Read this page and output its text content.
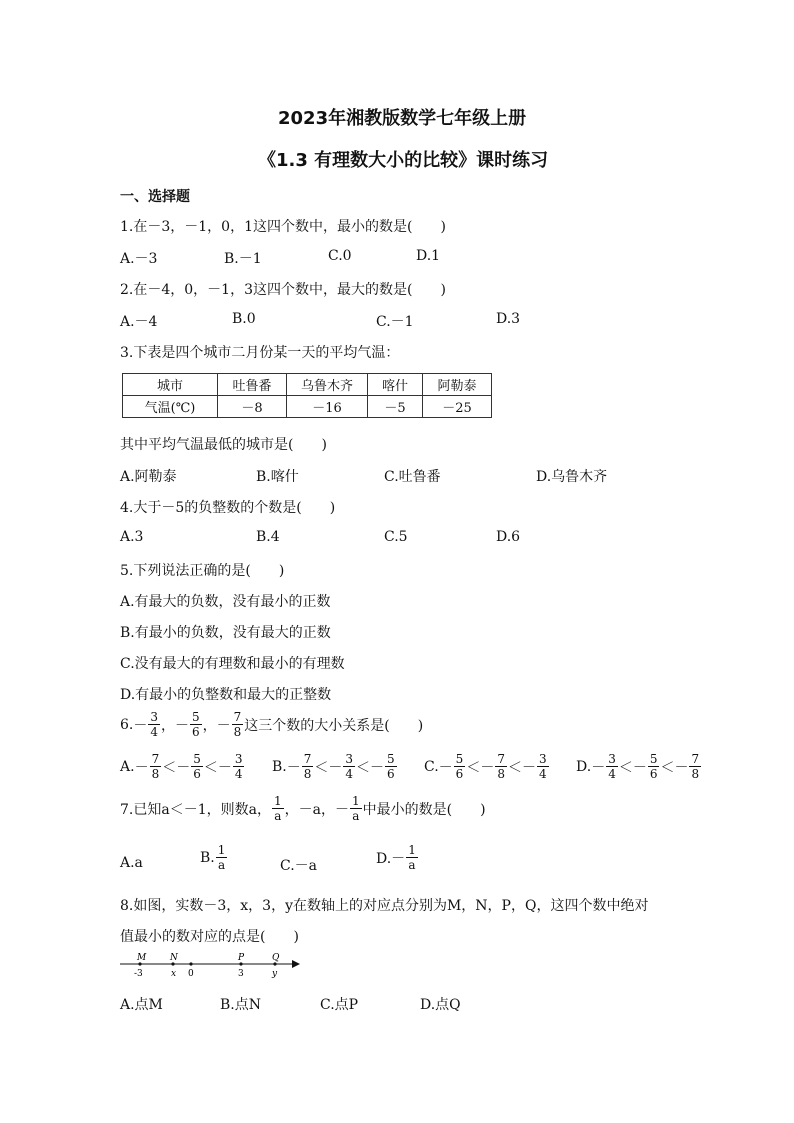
2023年湘教版数学七年级上册
《1.3 有理数大小的比较》课时练习
一、选择题
1.在－3，－1，0，1这四个数中，最小的数是(　　)
A.－3	B.－1	C.0	D.1
2.在－4，0，－1，3这四个数中，最大的数是(　　)
A.－4	B.0	C.－1	D.3
3.下表是四个城市二月份某一天的平均气温：
城市	吐鲁番	乌鲁木齐	喀什	阿勒泰
气温(℃)	－8	－16	－5	－25
其中平均气温最低的城市是(　　)
A.阿勒泰	B.喀什	C.吐鲁番	D.乌鲁木齐
4.大于－5的负整数的个数是(　　)
A.3	B.4	C.5	D.6
5.下列说法正确的是(　　)
A.有最大的负数，没有最小的正数
B.有最小的负数，没有最大的正数
C.没有最大的有理数和最小的有理数
D.有最小的负整数和最大的正整数
6. － $\frac{3}{4}$ ， － $\frac{5}{6}$ ， － $\frac{7}{8}$ 这三个数的大小关系是(　　)
A. － $\frac{7}{8}$ ＜ － $\frac{5}{6}$ ＜ － $\frac{3}{4} B$. － $\frac{7}{8}$ ＜ － $\frac{3}{4}$ ＜ － $\frac{5}{6} C$. － $\frac{5}{6}$ ＜ － $\frac{7}{8}$ ＜ － $\frac{3}{4} D$. － $\frac{3}{4}$ ＜ － $\frac{5}{6}$ ＜ － $\frac{7}{8}$
7.已知a＜－1，则数a， $\frac{1}{a}$ ，－a，－ $\frac{1}{a}$ 中最小的数是(　　)
A.a	B. $\frac{1}{a}$	C.－a	$D.- \frac{1}{a}$
8.如图，实数－3，x，3，y在数轴上的对应点分别为M，N，P，Q，这四个数中绝对
值最小的数对应的点是(　　)
M	N	P	Q
-3	x 0	3	y
A.点M	B.点N	C.点P	D.点Q
